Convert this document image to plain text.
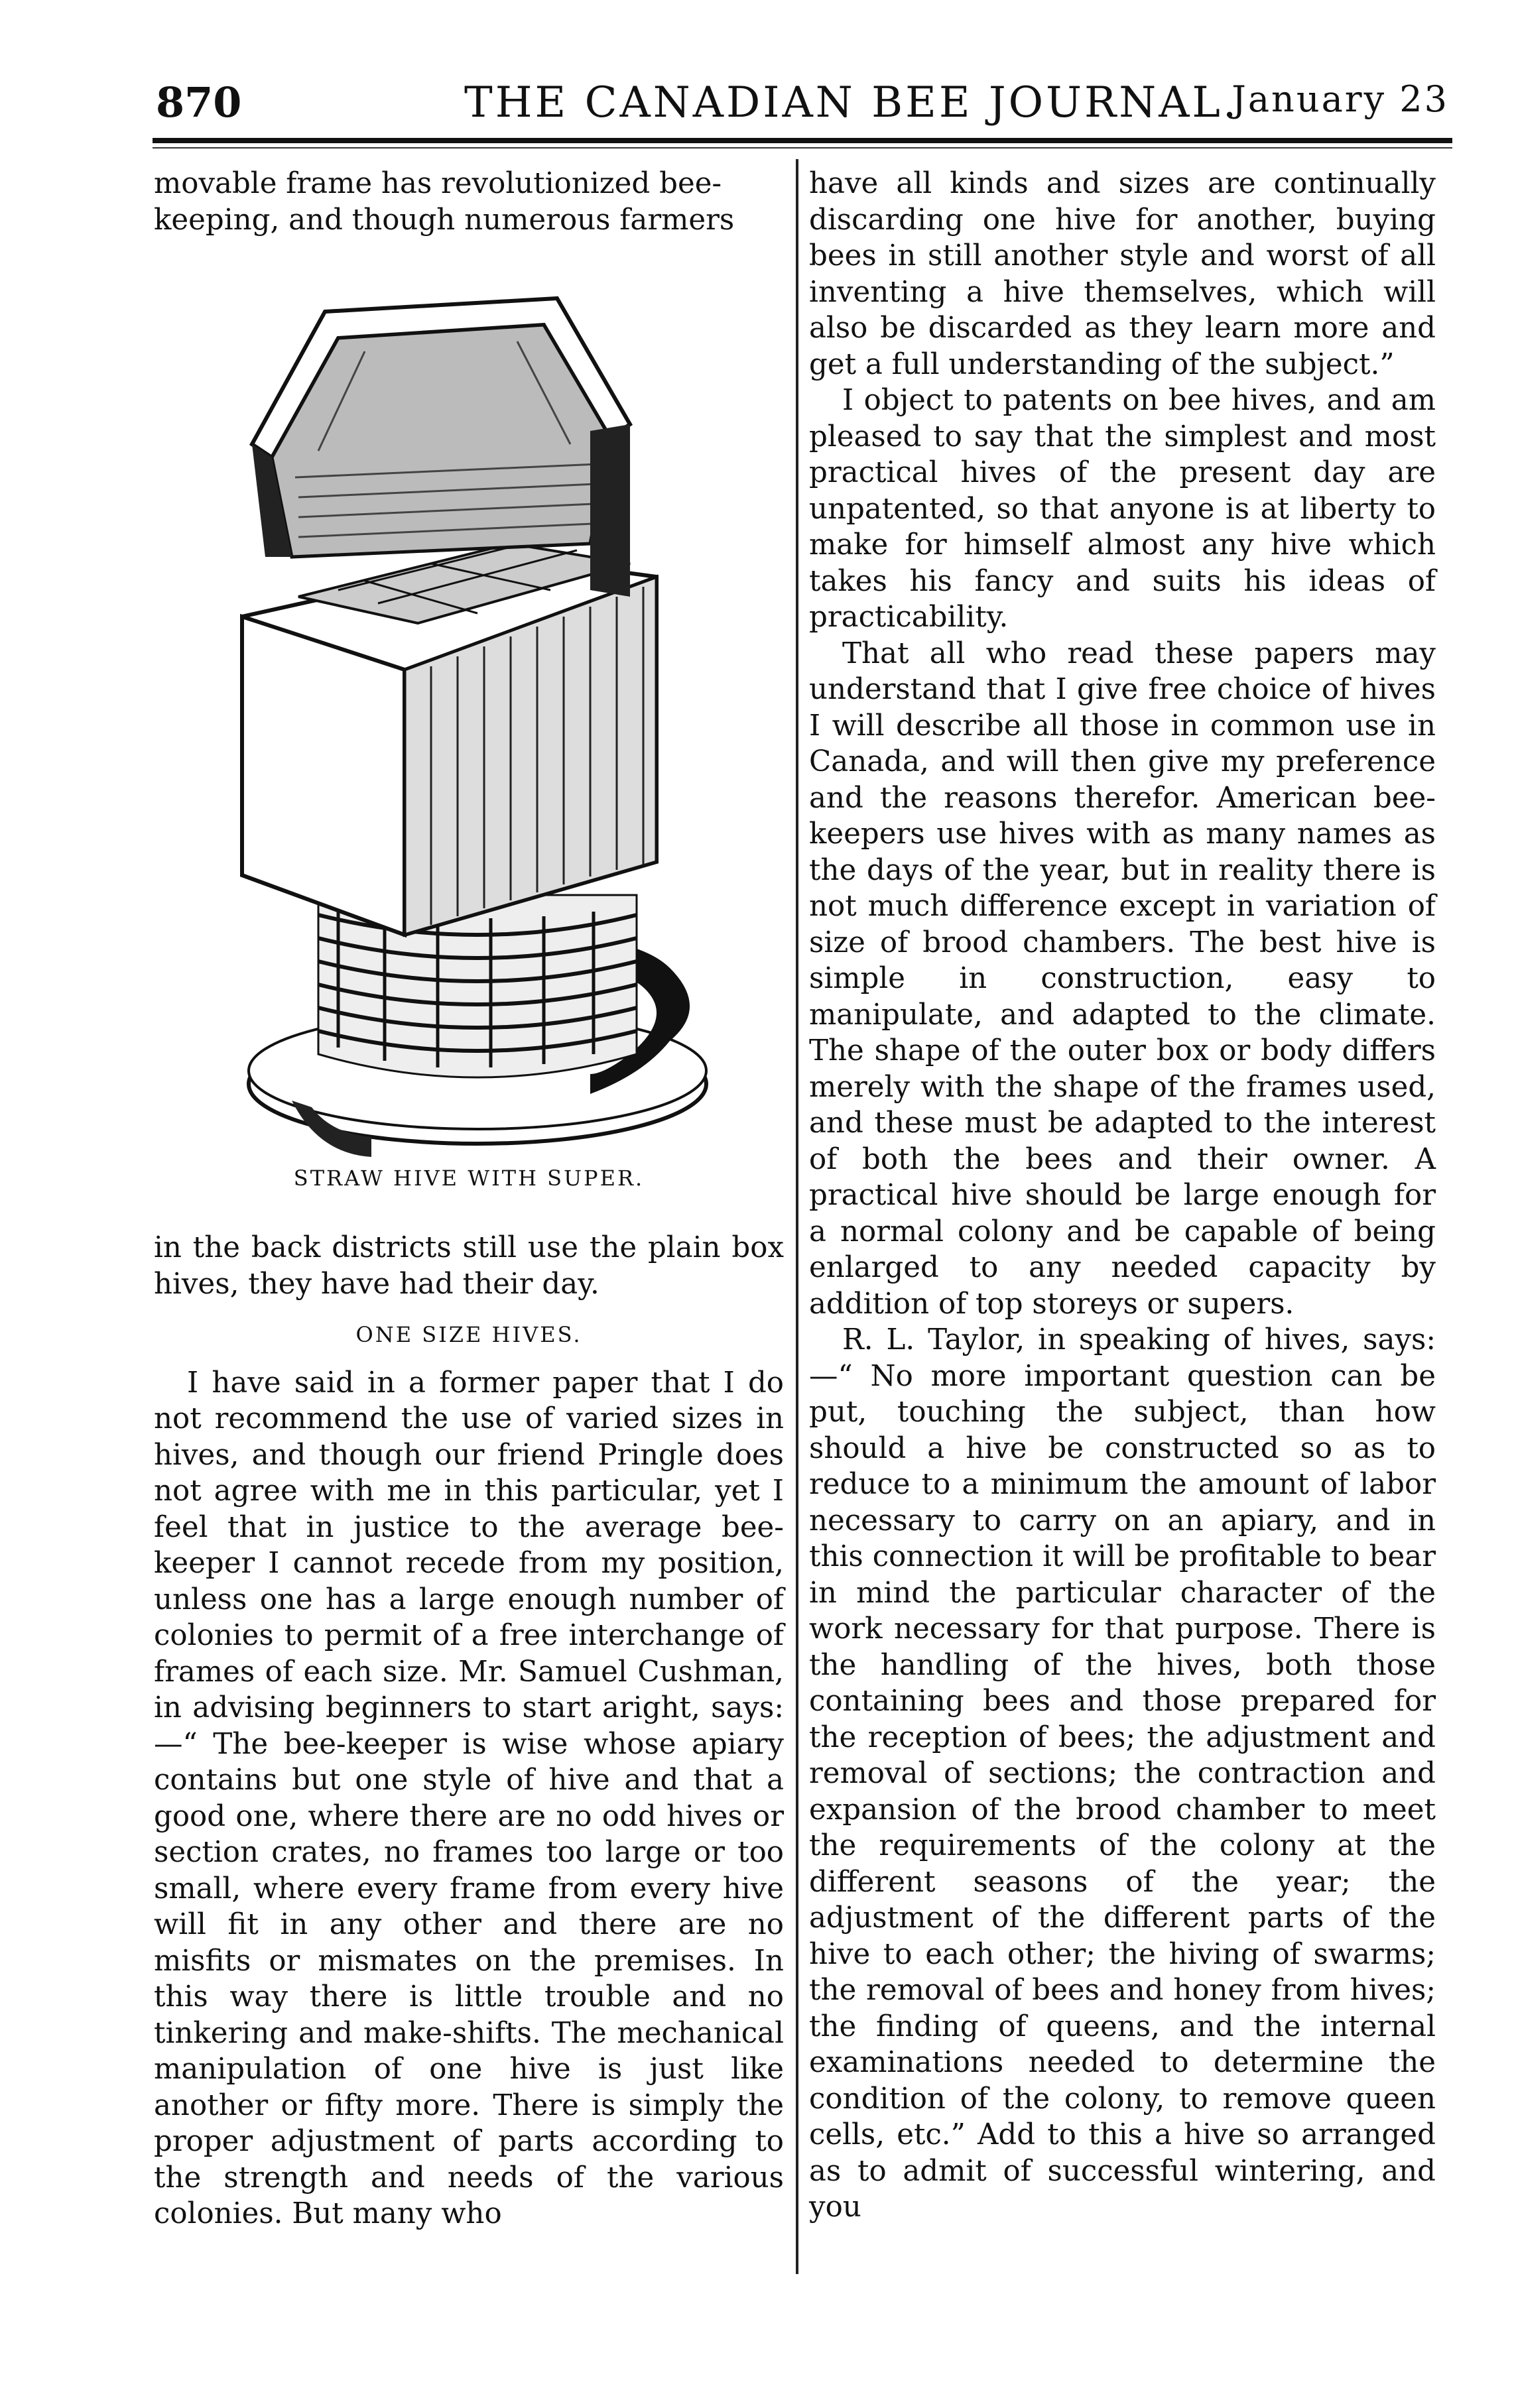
870	THE CANADIAN BEE JOURNAL.
January 23

movable frame has revolutionized bee-

keeping, and though numerous farmers

STRAW HIVE WITH SUPER.

in the back districts still use the plain box hives, they have had their day.

ONE SIZE HIVES.

I have said in a former paper that I do not recommend the use of varied sizes in hives, and though our friend Pringle does not agree with me in this particular, yet I feel that in justice to the average bee-keeper I cannot recede from my position, unless one has a large enough number of colonies to permit of a free interchange of frames of each size. Mr. Samuel Cushman, in advising beginners to start aright, says:—“ The bee-keeper is wise whose apiary contains but one style of hive and that a good one, where there are no odd hives or section crates, no frames too large or too small, where every frame from every hive will fit in any other and there are no misfits or mismates on the premises. In this way there is little trouble and no tinkering and make-shifts. The mechanical manipulation of one hive is just like another or fifty more. There is simply the proper adjustment of parts according to the strength and needs of the various colonies. But many who

have all kinds and sizes are continually discarding one hive for another, buying bees in still another style and worst of all inventing a hive themselves, which will also be discarded as they learn more and get a full understanding of the subject.”

I object to patents on bee hives, and am pleased to say that the simplest and most practical hives of the present day are unpatented, so that anyone is at liberty to make for himself almost any hive which takes his fancy and suits his ideas of practicability.

That all who read these papers may understand that I give free choice of hives I will describe all those in common use in Canada, and will then give my preference and the reasons therefor. American bee-keepers use hives with as many names as the days of the year, but in reality there is not much difference except in variation of size of brood chambers. The best hive is simple in construction, easy to manipulate, and adapted to the climate. The shape of the outer box or body differs merely with the shape of the frames used, and these must be adapted to the interest of both the bees and their owner. A practical hive should be large enough for a normal colony and be capable of being enlarged to any needed capacity by addition of top storeys or supers.

R. L. Taylor, in speaking of hives, says:—“ No more important question can be put, touching the subject, than how should a hive be constructed so as to reduce to a minimum the amount of labor necessary to carry on an apiary, and in this connection it will be profitable to bear in mind the particular character of the work necessary for that purpose. There is the handling of the hives, both those containing bees and those prepared for the reception of bees; the adjustment and removal of sections; the contraction and expansion of the brood chamber to meet the requirements of the colony at the different seasons of the year; the adjustment of the different parts of the hive to each other; the hiving of swarms; the removal of bees and honey from hives; the finding of queens, and the internal examinations needed to determine the condition of the colony, to remove queen cells, etc.” Add to this a hive so arranged as to admit of successful wintering, and you
